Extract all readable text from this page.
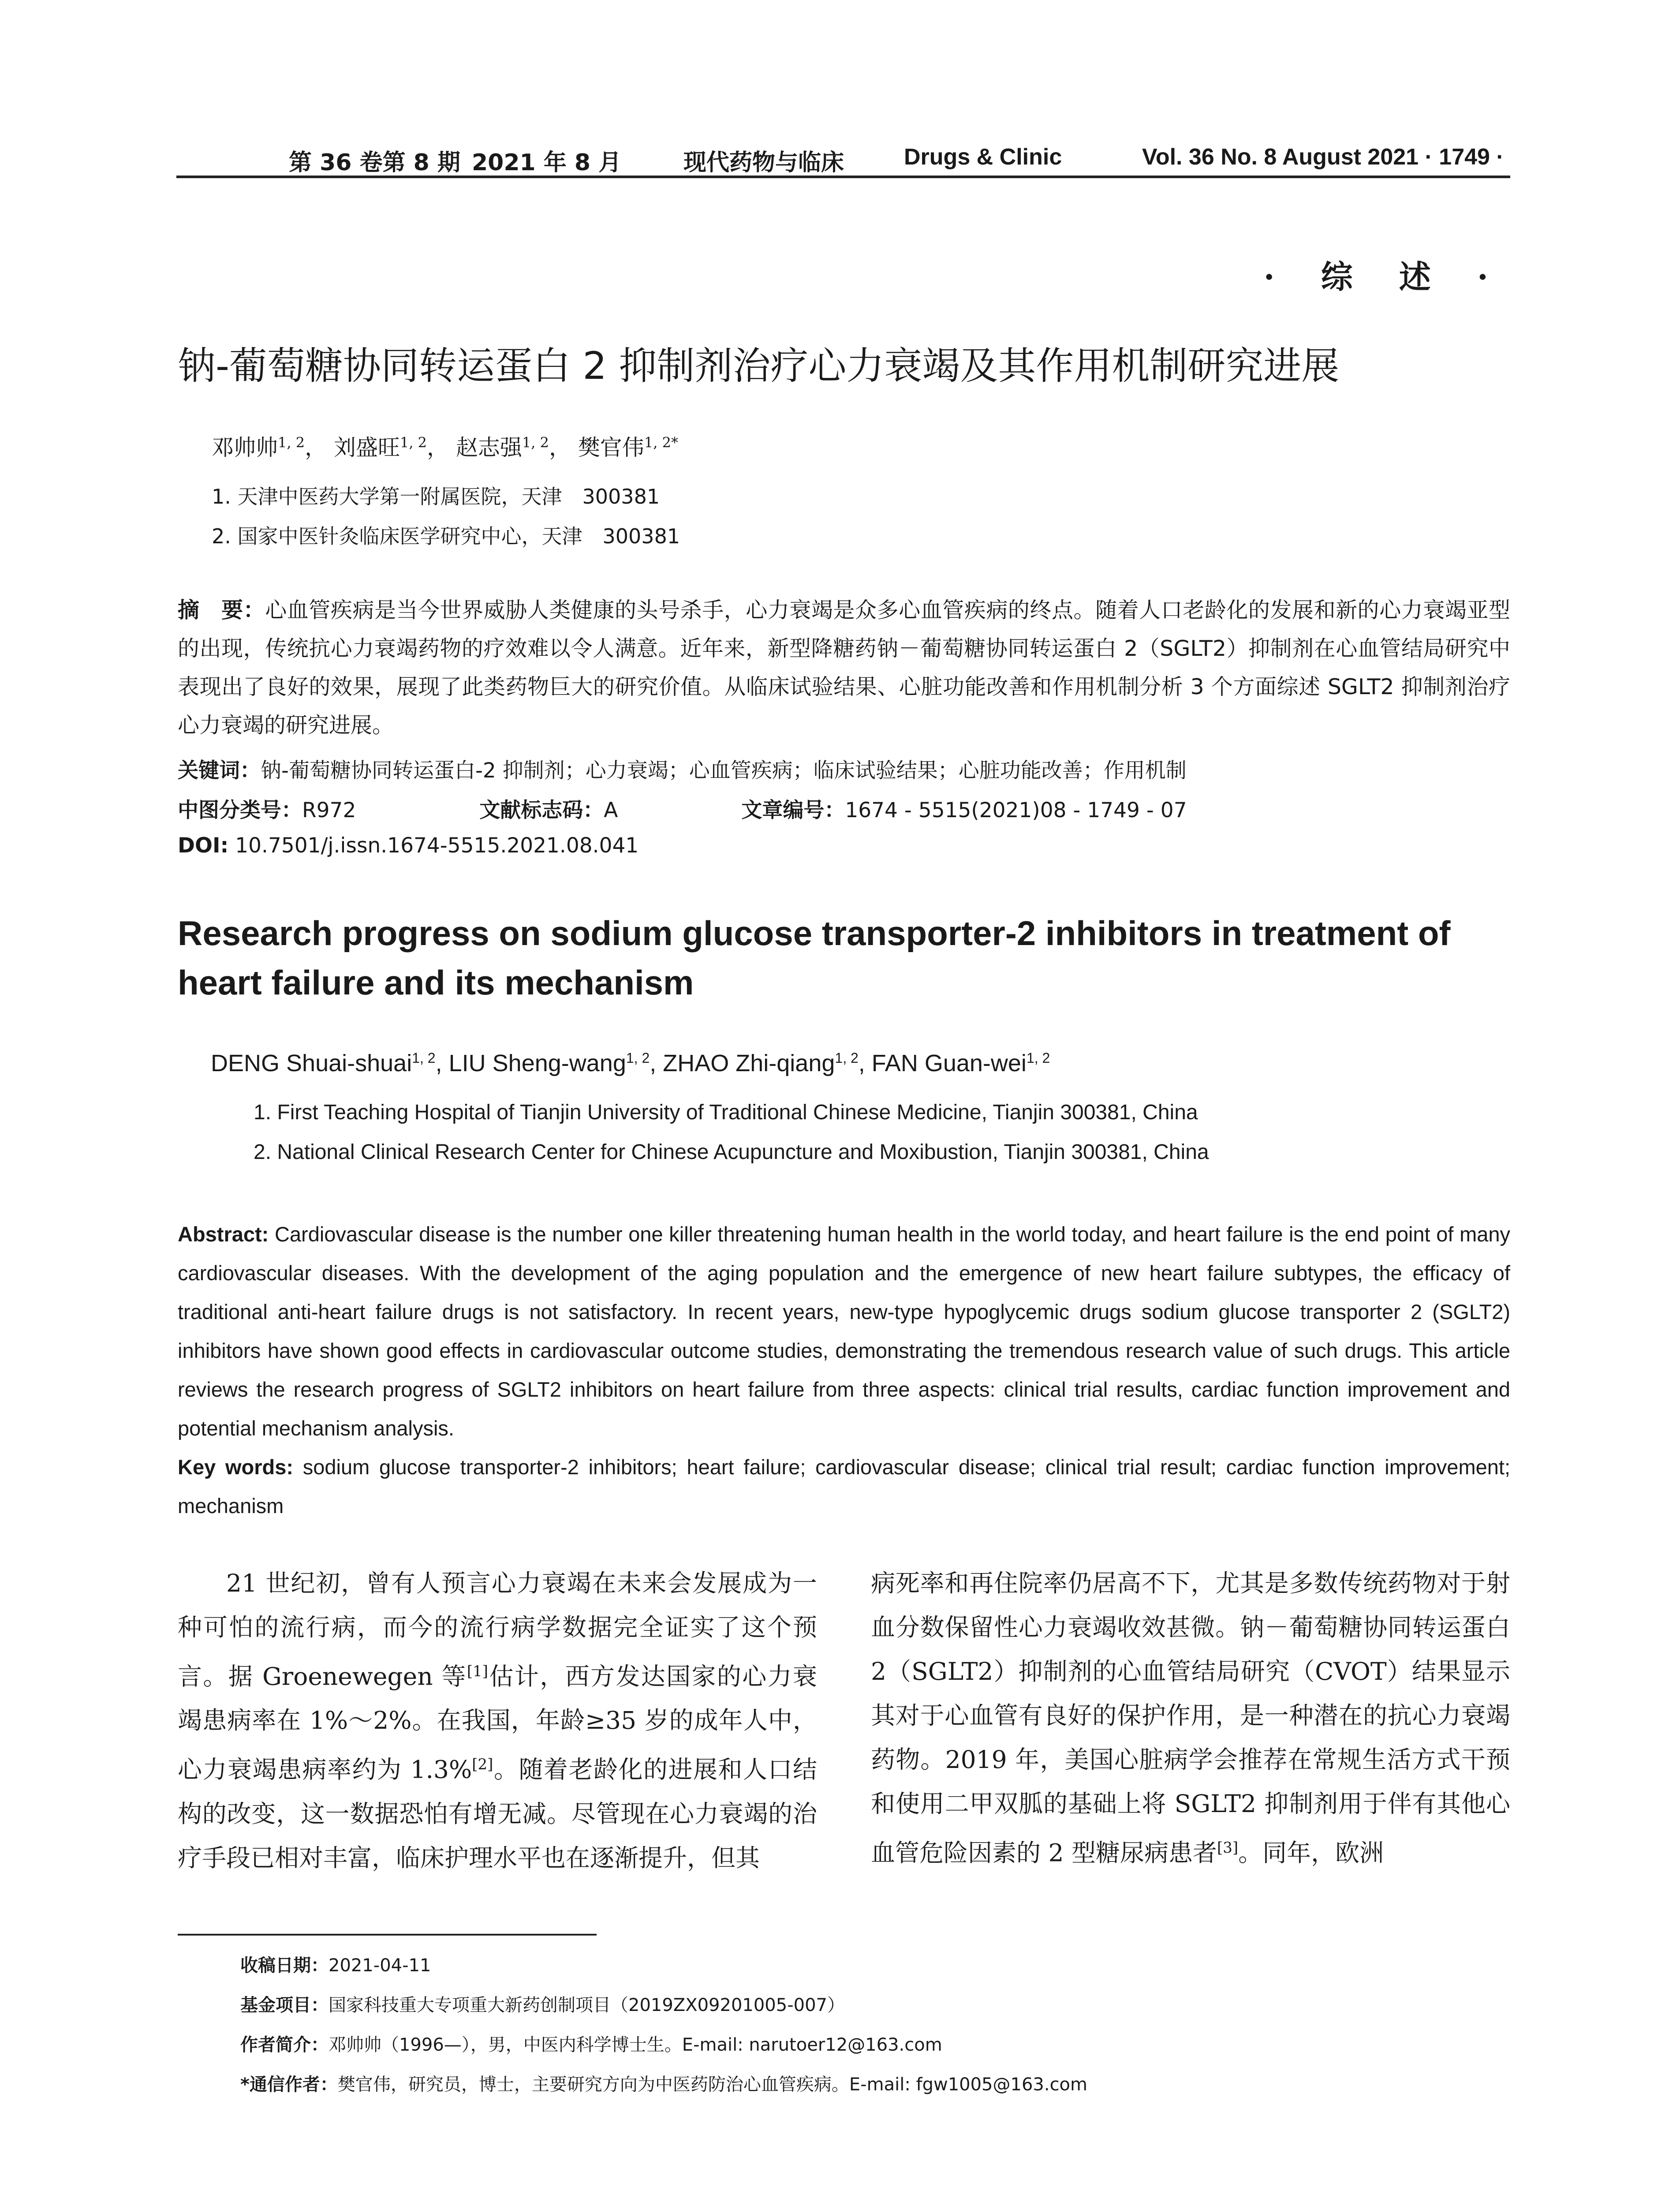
第 36 卷第 8 期 2021 年 8 月	现代药物与临床	Drugs & Clinic	Vol. 36 No. 8 August 2021 · 1749 ·
· 综 述 ·
钠-葡萄糖协同转运蛋白 2 抑制剂治疗心力衰竭及其作用机制研究进展
邓帅帅$^{1, 2}$， 刘盛旺$^{1, 2}$， 赵志强$^{1, 2}$， 樊官伟$^{1, 2*}$
1. 天津中医药大学第一附属医院，天津　300381
2. 国家中医针灸临床医学研究中心，天津　300381
摘　要：心血管疾病是当今世界威胁人类健康的头号杀手，心力衰竭是众多心血管疾病的终点。随着人口老龄化的发展和新的心力衰竭亚型的出现，传统抗心力衰竭药物的疗效难以令人满意。近年来，新型降糖药钠－葡萄糖协同转运蛋白 2（SGLT2）抑制剂在心血管结局研究中表现出了良好的效果，展现了此类药物巨大的研究价值。从临床试验结果、心脏功能改善和作用机制分析 3 个方面综述 SGLT2 抑制剂治疗心力衰竭的研究进展。
关键词：钠-葡萄糖协同转运蛋白-2 抑制剂；心力衰竭；心血管疾病；临床试验结果；心脏功能改善；作用机制
中图分类号：R972	文献标志码：A	文章编号：1674 - 5515(2021)08 - 1749 - 07
DOI: 10.7501/j.issn.1674-5515.2021.08.041
Research progress on sodium glucose transporter-2 inhibitors in treatment of heart failure and its mechanism
DENG Shuai-shuai$^{1, 2}$, LIU Sheng-wang$^{1, 2}$, ZHAO Zhi-qiang$^{1, 2}$, FAN Guan-wei$^{1, 2}$
1. First Teaching Hospital of Tianjin University of Traditional Chinese Medicine, Tianjin 300381, China
2. National Clinical Research Center for Chinese Acupuncture and Moxibustion, Tianjin 300381, China
Abstract: Cardiovascular disease is the number one killer threatening human health in the world today, and heart failure is the end point of many cardiovascular diseases. With the development of the aging population and the emergence of new heart failure subtypes, the efficacy of traditional anti-heart failure drugs is not satisfactory. In recent years, new-type hypoglycemic drugs sodium glucose transporter 2 (SGLT2) inhibitors have shown good effects in cardiovascular outcome studies, demonstrating the tremendous research value of such drugs. This article reviews the research progress of SGLT2 inhibitors on heart failure from three aspects: clinical trial results, cardiac function improvement and potential mechanism analysis.
Key words: sodium glucose transporter-2 inhibitors; heart failure; cardiovascular disease; clinical trial result; cardiac function improvement; mechanism
21 世纪初，曾有人预言心力衰竭在未来会发展成为一种可怕的流行病，而今的流行病学数据完全证实了这个预言。据 Groenewegen 等[1]估计，西方发达国家的心力衰竭患病率在 1%～2%。在我国，年龄≥35 岁的成年人中，心力衰竭患病率约为 1.3%[2]。随着老龄化的进展和人口结构的改变，这一数据恐怕有增无减。尽管现在心力衰竭的治疗手段已相对丰富，临床护理水平也在逐渐提升，但其
病死率和再住院率仍居高不下，尤其是多数传统药物对于射血分数保留性心力衰竭收效甚微。钠－葡萄糖协同转运蛋白 2（SGLT2）抑制剂的心血管结局研究（CVOT）结果显示其对于心血管有良好的保护作用，是一种潜在的抗心力衰竭药物。2019 年，美国心脏病学会推荐在常规生活方式干预和使用二甲双胍的基础上将 SGLT2 抑制剂用于伴有其他心血管危险因素的 2 型糖尿病患者[3]。同年，欧洲
收稿日期：2021-04-11
基金项目：国家科技重大专项重大新药创制项目（2019ZX09201005-007）
作者简介：邓帅帅（1996—），男，中医内科学博士生。E-mail: narutoer12@163.com
*通信作者：樊官伟，研究员，博士，主要研究方向为中医药防治心血管疾病。E-mail: fgw1005@163.com
